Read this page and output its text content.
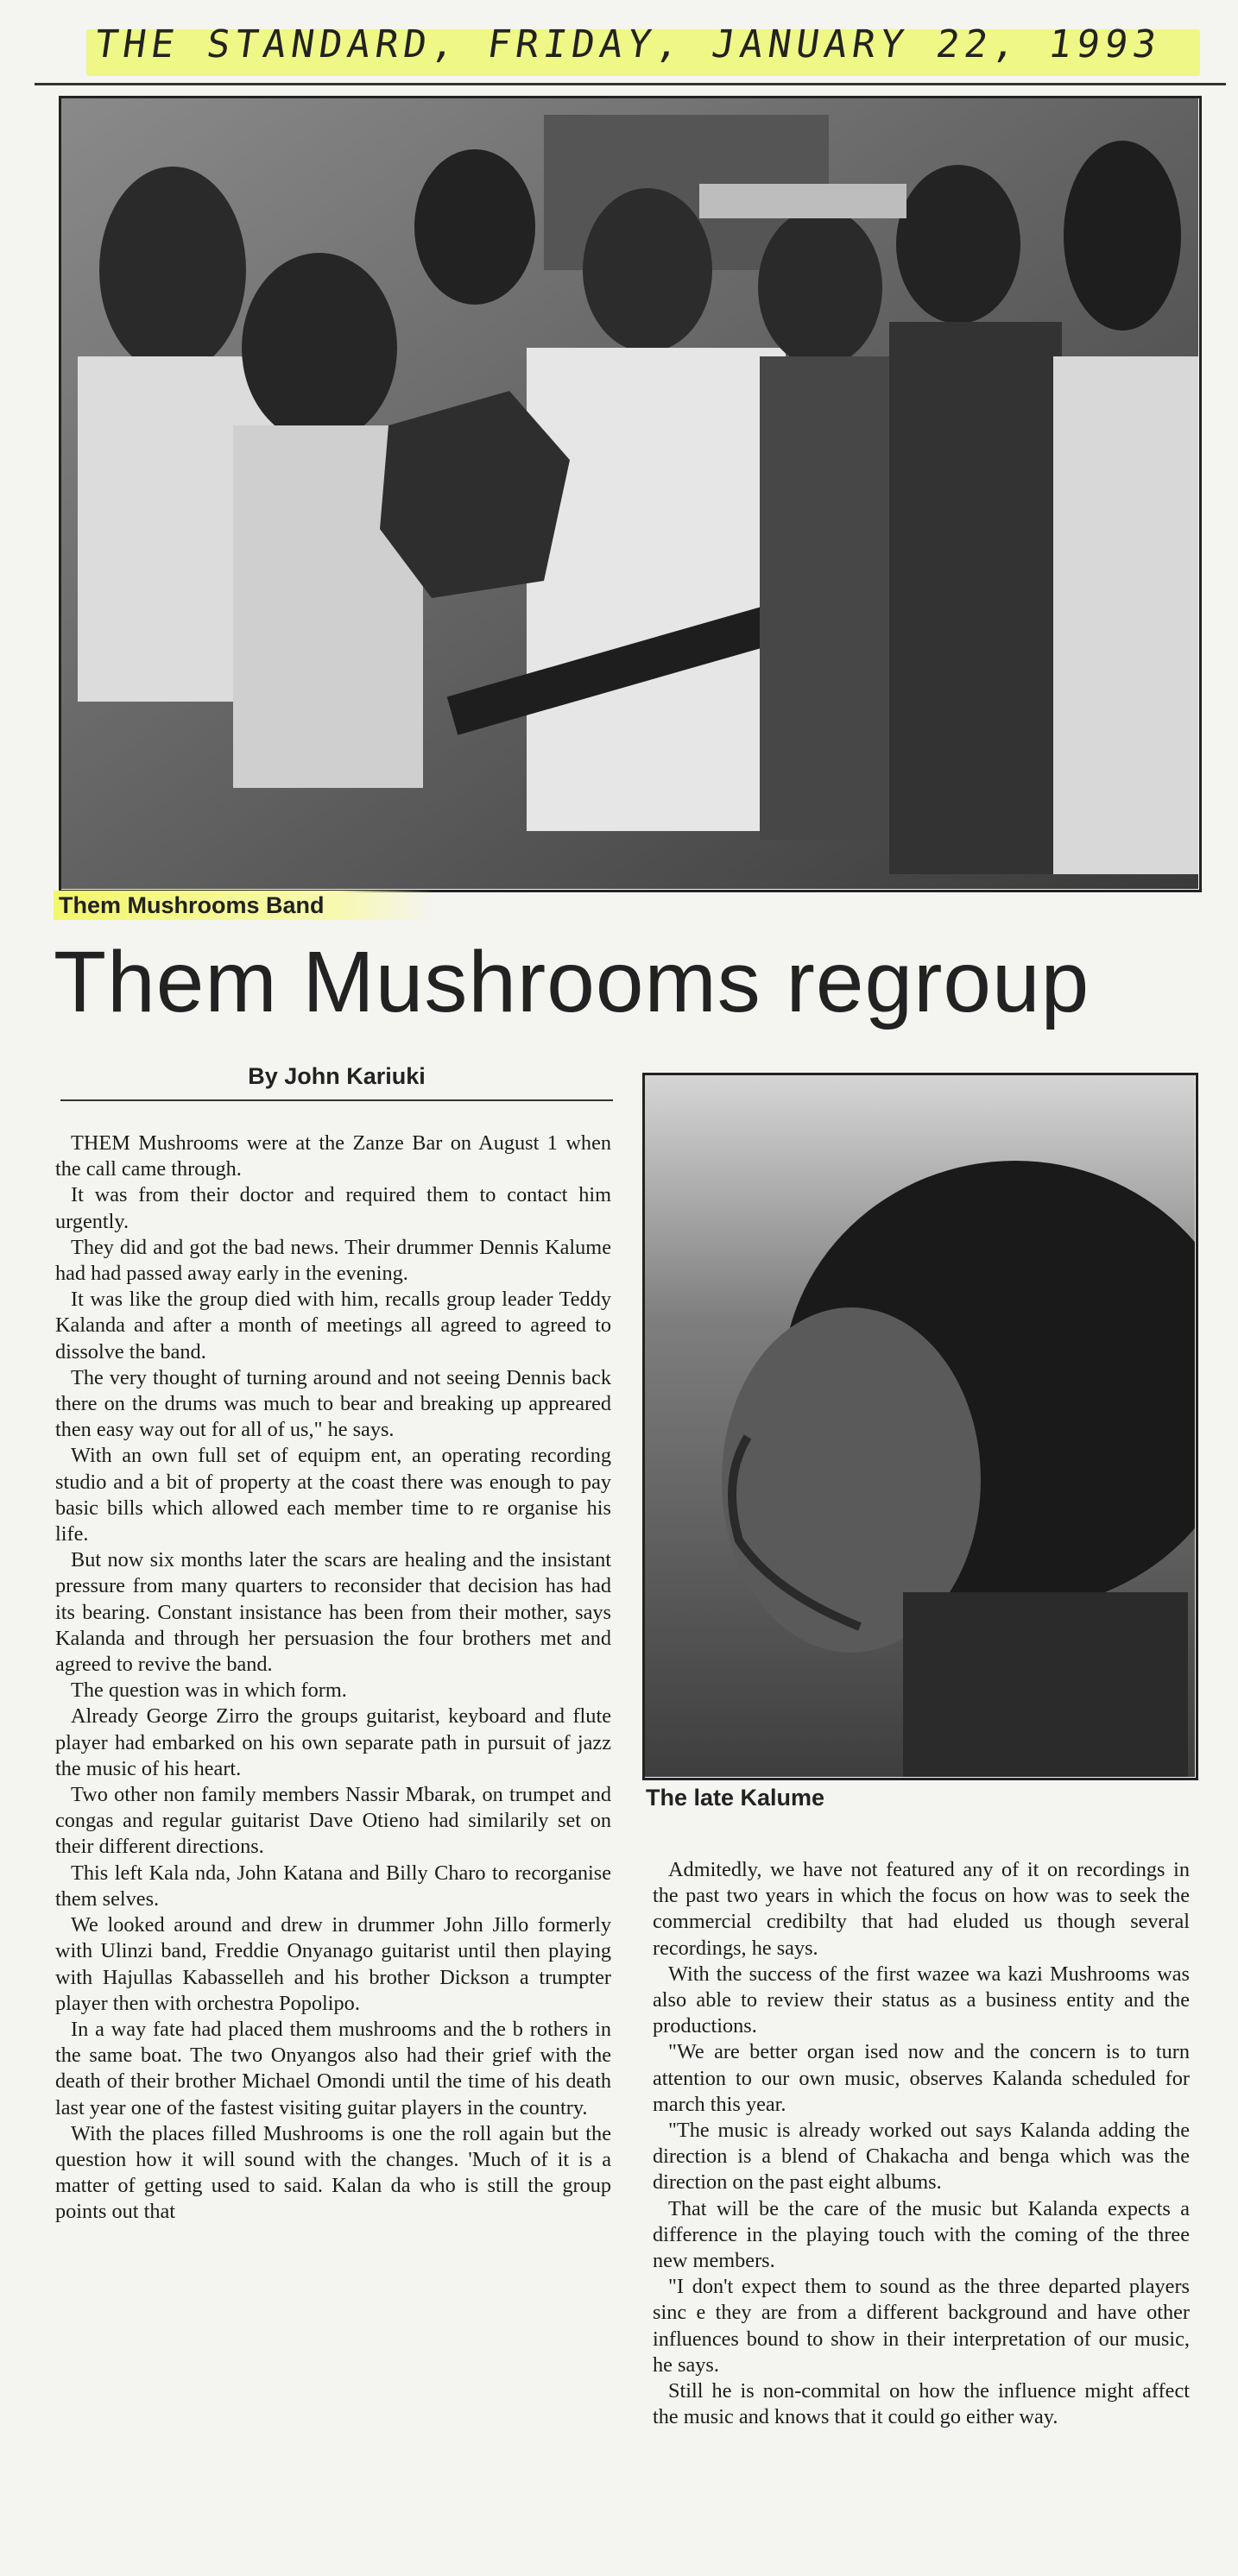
THE STANDARD, FRIDAY, JANUARY 22, 1993
Them Mushrooms Band
Them Mushrooms regroup
By John Kariuki
The late Kalume

THEM Mushrooms were at the Zanze Bar on August 1 when the call came through.

It was from their doctor and required them to contact him urgently.

They did and got the bad news. Their drummer Dennis Kalume had had passed away early in the evening.

It was like the group died with him, recalls group leader Teddy Kalanda and after a month of meetings all agreed to agreed to dissolve the band.

The very thought of turning around and not seeing Dennis back there on the drums was much to bear and breaking up appreared then easy way out for all of us," he says.

With an own full set of equipm ent, an operating recording studio and a bit of property at the coast there was enough to pay basic bills which allowed each member time to re organise his life.

But now six months later the scars are healing and the insistant pressure from many quarters to reconsider that decision has had its bearing. Constant insistance has been from their mother, says Kalanda and through her persuasion the four brothers met and agreed to revive the band.

The question was in which form.

Already George Zirro the groups guitarist, keyboard and flute player had embarked on his own separate path in pursuit of jazz the music of his heart.

Two other non family members Nassir Mbarak, on trumpet and congas and regular guitarist Dave Otieno had similarily set on their different directions.

This left Kala nda, John Katana and Billy Charo to recorganise them selves.

We looked around and drew in drummer John Jillo formerly with Ulinzi band, Freddie Onyanago guitarist until then playing with Hajullas Kabasselleh and his brother Dickson a trumpter player then with orchestra Popolipo.

In a way fate had placed them mushrooms and the b rothers in the same boat. The two Onyangos also had their grief with the death of their brother Michael Omondi until the time of his death last year one of the fastest visiting guitar players in the country.

With the places filled Mushrooms is one the roll again but the question how it will sound with the changes. 'Much of it is a matter of getting used to said. Kalan da who is still the group points out that

Admitedly, we have not featured any of it on recordings in the past two years in which the focus on how was to seek the commercial credibilty that had eluded us though several recordings, he says.

With the success of the first wazee wa kazi Mushrooms was also able to review their status as a business entity and the productions.

"We are better organ ised now and the concern is to turn attention to our own music, observes Kalanda scheduled for march this year.

"The music is already worked out says Kalanda adding the direction is a blend of Chakacha and benga which was the direction on the past eight albums.

That will be the care of the music but Kalanda expects a difference in the playing touch with the coming of the three new members.

"I don't expect them to sound as the three departed players sinc e they are from a different background and have other influences bound to show in their interpretation of our music, he says.

Still he is non-commital on how the influence might affect the music and knows that it could go either way.
